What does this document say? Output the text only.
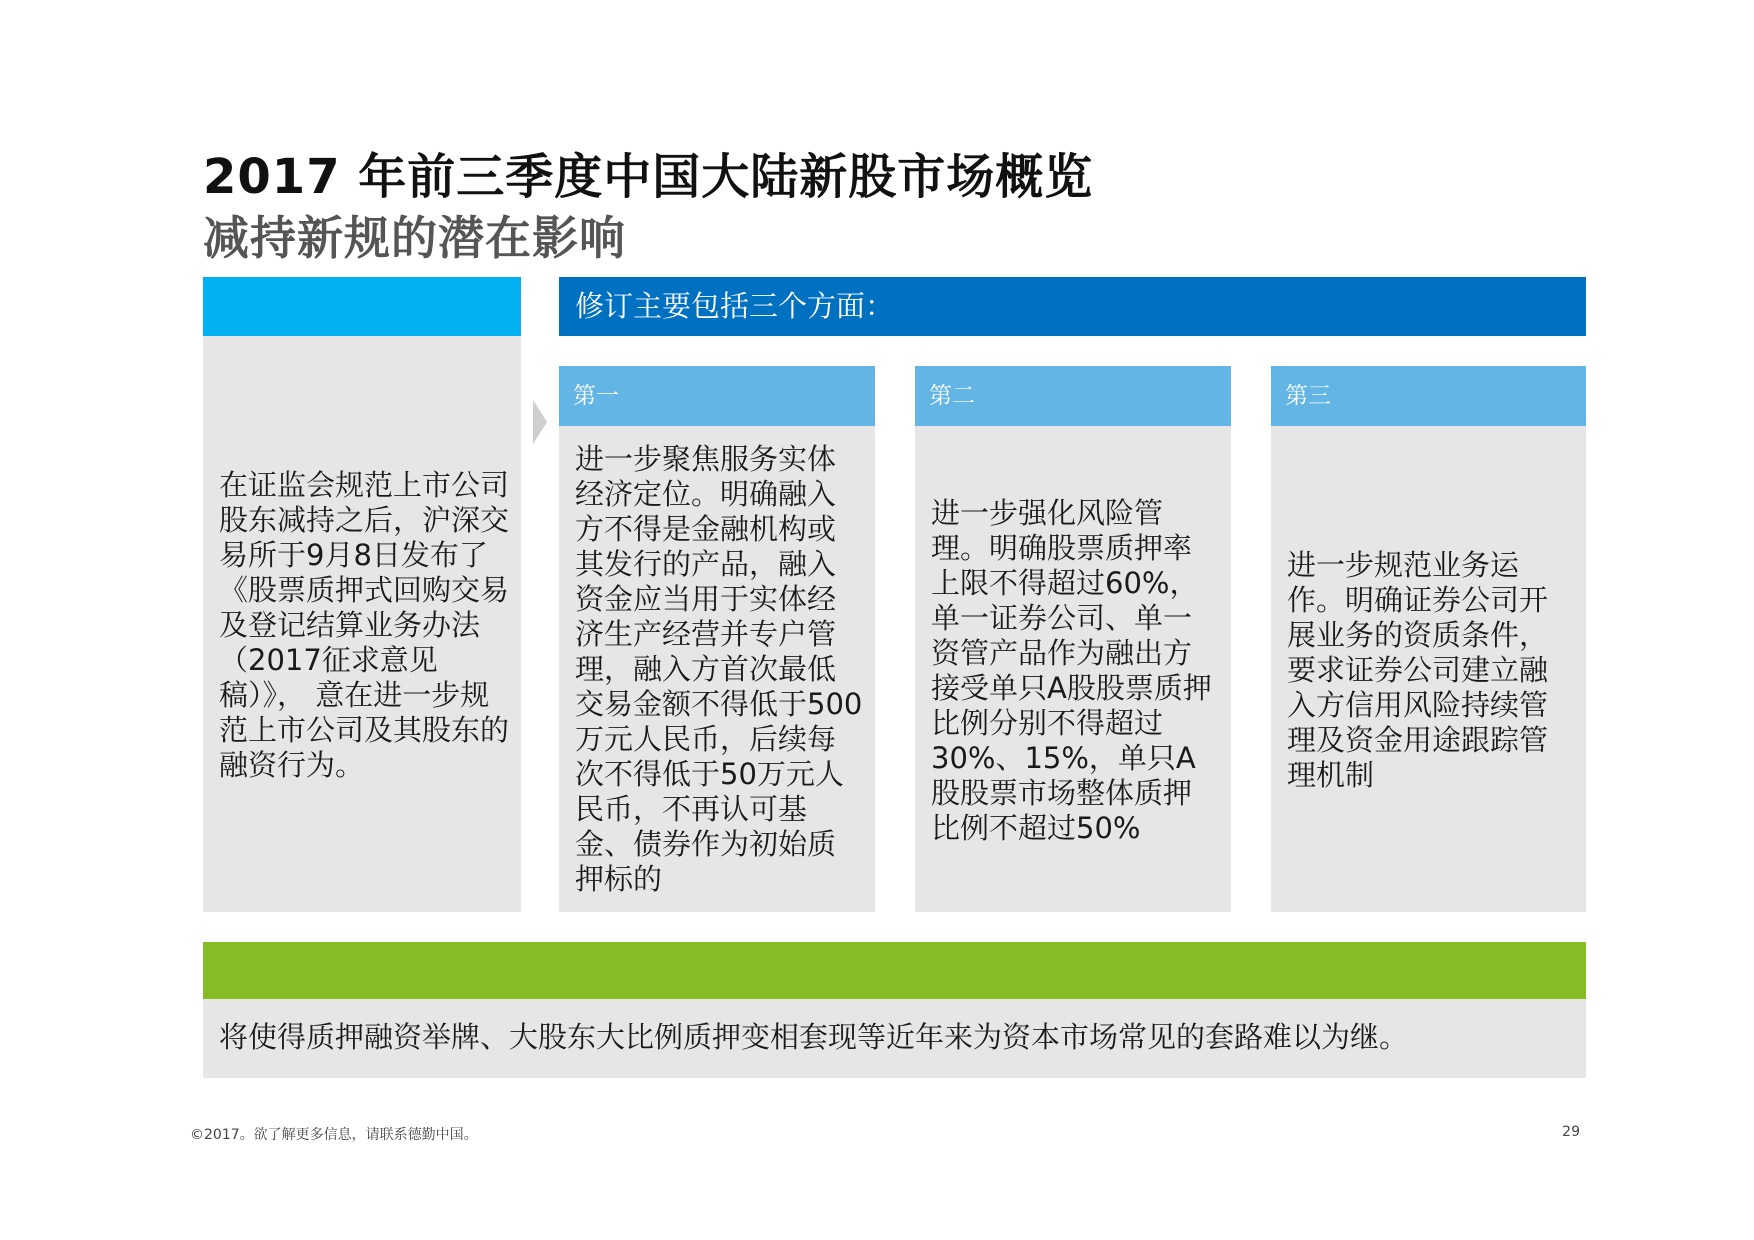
2017 年前三季度中国大陆新股市场概览
减持新规的潜在影响
在证监会规范上市公司股东减持之后，沪深交易所于9月8日发布了《股票质押式回购交易及登记结算业务办法（2017征求意见稿）》， 意在进一步规范上市公司及其股东的融资行为。
修订主要包括三个方面：
第一
进一步聚焦服务实体经济定位。明确融入方不得是金融机构或其发行的产品，融入资金应当用于实体经济生产经营并专户管理，融入方首次最低交易金额不得低于500万元人民币，后续每次不得低于50万元人民币，不再认可基金、债券作为初始质押标的
第二
进一步强化风险管理。明确股票质押率上限不得超过60%，单一证券公司、单一资管产品作为融出方接受单只A股股票质押比例分别不得超过30%、15%，单只A股股票市场整体质押比例不超过50%
第三
进一步规范业务运作。明确证券公司开展业务的资质条件，要求证券公司建立融入方信用风险持续管理及资金用途跟踪管理机制
将使得质押融资举牌、大股东大比例质押变相套现等近年来为资本市场常见的套路难以为继。
©2017。欲了解更多信息，请联系德勤中国。	29
